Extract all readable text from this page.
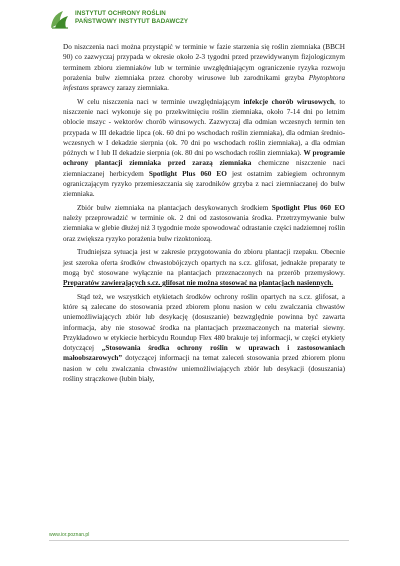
INSTYTUT OCHRONY ROŚLIN
PAŃSTWOWY INSTYTUT BADAWCZY

Do niszczenia naci można przystąpić w terminie w fazie starzenia się roślin ziemniaka (BBCH 90) co zazwyczaj przypada w okresie około 2-3 tygodni przed przewidywanym fizjologicznym terminem zbioru ziemniaków lub w terminie uwzględniającym ograniczenie ryzyka rozwoju porażenia bulw ziemniaka przez choroby wirusowe lub zarodnikami grzyba Phytophtora infestans sprawcy zarazy ziemniaka.

W celu niszczenia naci w terminie uwzględniającym infekcje chorób wirusowych, to niszczenie naci wykonuje się po przekwitnięciu roślin ziemniaka, około 7-14 dni po letnim oblocie mszyc - wektorów chorób wirusowych. Zazwyczaj dla odmian wczesnych termin ten przypada w III dekadzie lipca (ok. 60 dni po wschodach roślin ziemniaka), dla odmian średnio-wczesnych w I dekadzie sierpnia (ok. 70 dni po wschodach roślin ziemniaka), a dla odmian późnych w I lub II dekadzie sierpnia (ok. 80 dni po wschodach roślin ziemniaka). W programie ochrony plantacji ziemniaka przed zarazą ziemniaka chemiczne niszczenie naci ziemniaczanej herbicydem Spotlight Plus 060 EO jest ostatnim zabiegiem ochronnym ograniczającym ryzyko przemieszczania się zarodników grzyba z naci ziemniaczanej do bulw ziemniaka.

Zbiór bulw ziemniaka na plantacjach desykowanych środkiem Spotlight Plus 060 EO należy przeprowadzić w terminie ok. 2 dni od zastosowania środka. Przetrzymywanie bulw ziemniaka w glebie dłużej niż 3 tygodnie może spowodować odrastanie części nadziemnej roślin oraz zwiększa ryzyko porażenia bulw rizoktoniozą.

Trudniejsza sytuacja jest w zakresie przygotowania do zbioru plantacji rzepaku. Obecnie jest szeroka oferta środków chwastobójczych opartych na s.cz. glifosat, jednakże preparaty te mogą być stosowane wyłącznie na plantacjach przeznaczonych na przerób przemysłowy. Preparatów zawierających s.cz. glifosat nie można stosować na plantacjach nasiennych.

Stąd też, we wszystkich etykietach środków ochrony roślin opartych na s.cz. glifosat, a które są zalecane do stosowania przed zbiorem plonu nasion w celu zwalczania chwastów uniemożliwiających zbiór lub desykację (dosuszanie) bezwzględnie powinna być zawarta informacja, aby nie stosować środka na plantacjach przeznaczonych na materiał siewny. Przykładowo w etykiecie herbicydu Roundup Flex 480 brakuje tej informacji, w części etykiety dotyczącej „Stosowania środka ochrony roślin w uprawach i zastosowaniach małoobszarowych” dotyczącej informacji na temat zaleceń stosowania przed zbiorem plonu nasion w celu zwalczania chwastów uniemożliwiających zbiór lub desykacji (dosuszania) rośliny strączkowe (łubin biały,

www.ior.poznan.pl
